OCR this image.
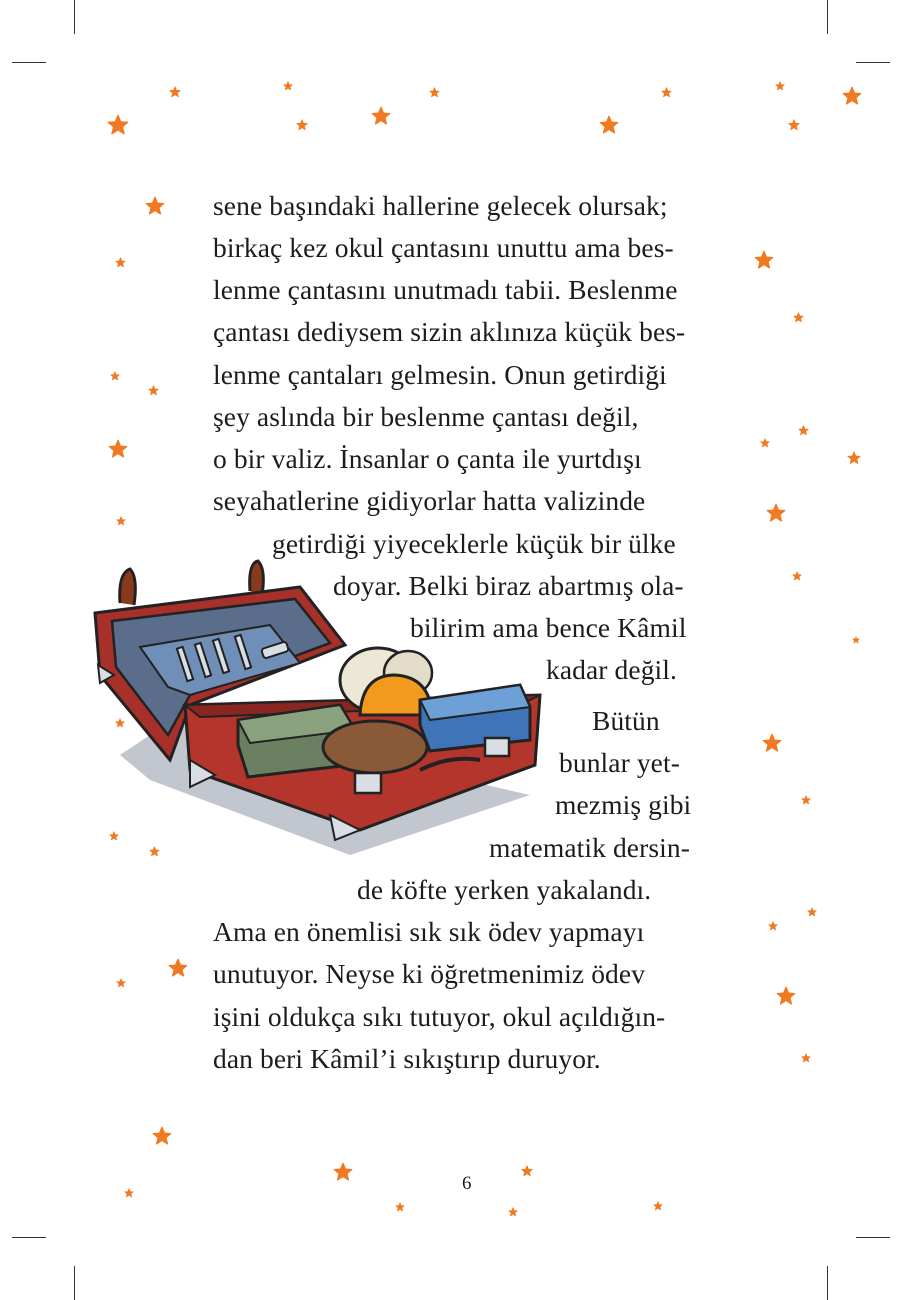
sene başındaki hallerine gelecek olursak;
birkaç kez okul çantasını unuttu ama bes-
lenme çantasını unutmadı tabii. Beslenme
çantası dediysem sizin aklınıza küçük bes-
lenme çantaları gelmesin. Onun getirdiği
şey aslında bir beslenme çantası değil,
o bir valiz. İnsanlar o çanta ile yurtdışı
seyahatlerine gidiyorlar hatta valizinde
getirdiği yiyeceklerle küçük bir ülke
doyar. Belki biraz abartmış ola-
bilirim ama bence Kâmil
kadar değil.
Bütün
bunlar yet-
mezmiş gibi
matematik dersin-
de köfte yerken yakalandı.
Ama en önemlisi sık sık ödev yapmayı
unutuyor. Neyse ki öğretmenimiz ödev
işini oldukça sıkı tutuyor, okul açıldığın-
dan beri Kâmil’i sıkıştırıp duruyor.
6
